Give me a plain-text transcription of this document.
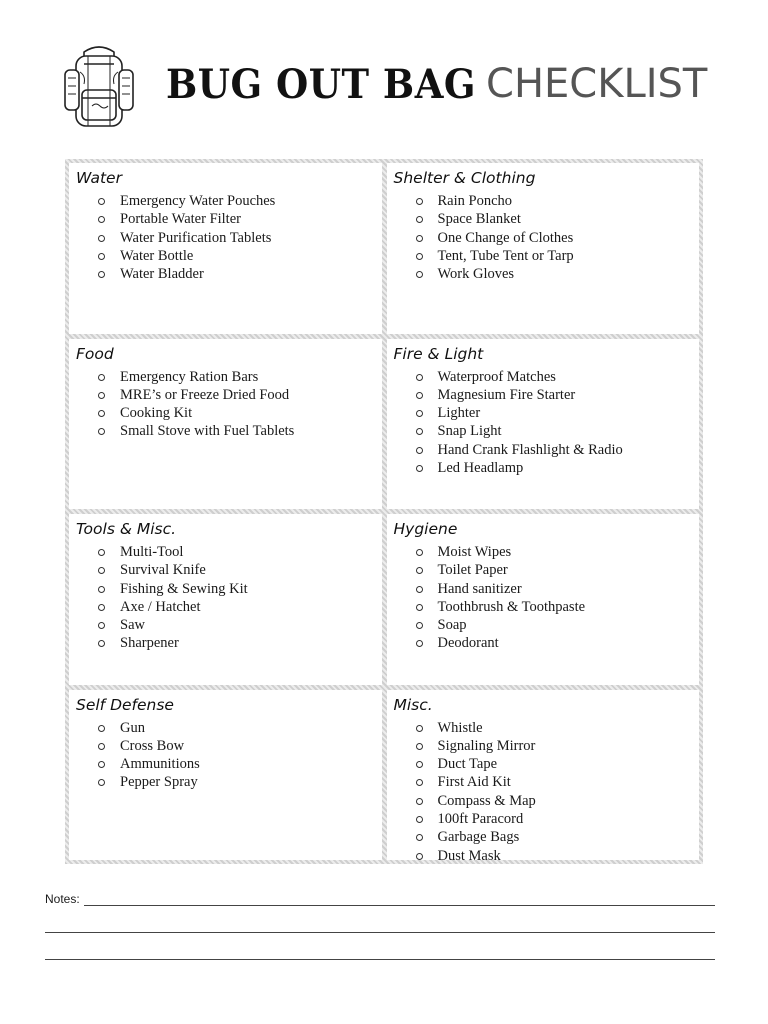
BUG OUT BAG CHECKLIST
Water
Emergency Water Pouches
Portable Water Filter
Water Purification Tablets
Water Bottle
Water Bladder
Shelter & Clothing
Rain Poncho
Space Blanket
One Change of Clothes
Tent, Tube Tent or Tarp
Work Gloves
Food
Emergency Ration Bars
MRE’s or Freeze Dried Food
Cooking Kit
Small Stove with Fuel Tablets
Fire & Light
Waterproof Matches
Magnesium Fire Starter
Lighter
Snap Light
Hand Crank Flashlight & Radio
Led Headlamp
Tools & Misc.
Multi-Tool
Survival Knife
Fishing & Sewing Kit
Axe / Hatchet
Saw
Sharpener
Hygiene
Moist Wipes
Toilet Paper
Hand sanitizer
Toothbrush & Toothpaste
Soap
Deodorant
Self Defense
Gun
Cross Bow
Ammunitions
Pepper Spray
Misc.
Whistle
Signaling Mirror
Duct Tape
First Aid Kit
Compass & Map
100ft Paracord
Garbage Bags
Dust Mask
Notes:
